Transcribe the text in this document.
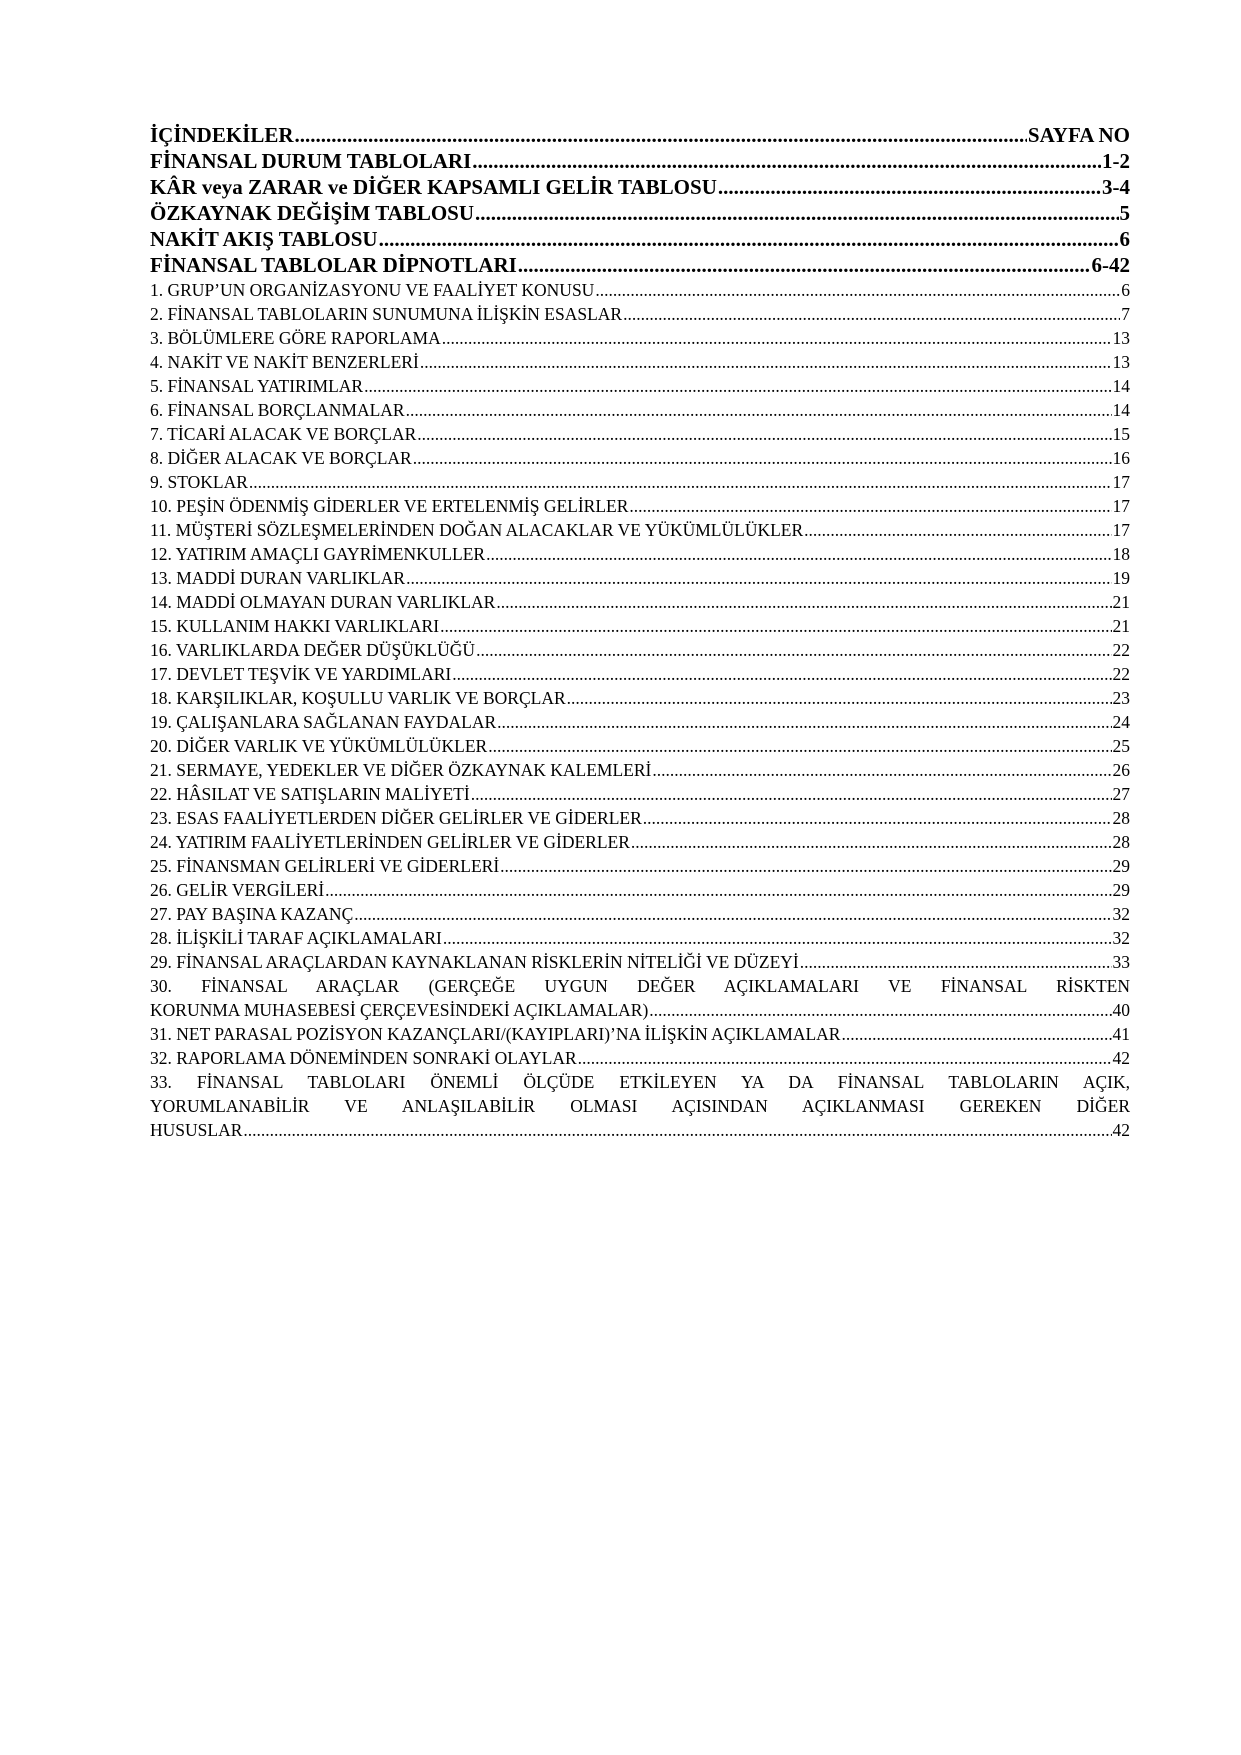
İÇİNDEKİLER .....	SAYFA NO
FİNANSAL DURUM TABLOLARI .....	1-2
KÂR veya ZARAR ve DİĞER KAPSAMLI GELİR TABLOSU .....	3-4
ÖZKAYNAK DEĞİŞİM TABLOSU .....	5
NAKİT AKIŞ TABLOSU .....	6
FİNANSAL TABLOLAR DİPNOTLARI .....	6-42
1. GRUP’UN ORGANİZASYONU VE FAALİYET KONUSU .....	6
2. FİNANSAL TABLOLARIN SUNUMUNA İLİŞKİN ESASLAR .....	7
3. BÖLÜMLERE GÖRE RAPORLAMA .....	13
4. NAKİT VE NAKİT BENZERLERİ .....	13
5. FİNANSAL YATIRIMLAR .....	14
6. FİNANSAL BORÇLANMALAR .....	14
7. TİCARİ ALACAK VE BORÇLAR .....	15
8. DİĞER ALACAK VE BORÇLAR .....	16
9. STOKLAR .....	17
10. PEŞİN ÖDENMİŞ GİDERLER VE ERTELENMİŞ GELİRLER .....	17
11. MÜŞTERİ SÖZLEŞMELERİNDEN DOĞAN ALACAKLAR VE YÜKÜMLÜLÜKLER .....	17
12. YATIRIM AMAÇLI GAYRİMENKULLER .....	18
13. MADDİ DURAN VARLIKLAR .....	19
14. MADDİ OLMAYAN DURAN VARLIKLAR .....	21
15. KULLANIM HAKKI VARLIKLARI .....	21
16. VARLIKLARDA DEĞER DÜŞÜKLÜĞÜ .....	22
17. DEVLET TEŞVİK VE YARDIMLARI .....	22
18. KARŞILIKLAR, KOŞULLU VARLIK VE BORÇLAR .....	23
19. ÇALIŞANLARA SAĞLANAN FAYDALAR .....	24
20. DİĞER VARLIK VE YÜKÜMLÜLÜKLER .....	25
21. SERMAYE, YEDEKLER VE DİĞER ÖZKAYNAK KALEMLERİ .....	26
22. HÂSILAT VE SATIŞLARIN MALİYETİ .....	27
23. ESAS FAALİYETLERDEN DİĞER GELİRLER VE GİDERLER .....	28
24. YATIRIM FAALİYETLERİNDEN GELİRLER VE GİDERLER .....	28
25. FİNANSMAN GELİRLERİ VE GİDERLERİ .....	29
26. GELİR VERGİLERİ .....	29
27. PAY BAŞINA KAZANÇ .....	32
28. İLİŞKİLİ TARAF AÇIKLAMALARI .....	32
29. FİNANSAL ARAÇLARDAN KAYNAKLANAN RİSKLERİN NİTELİĞİ VE DÜZEYİ .....	33
30. FİNANSAL ARAÇLAR (GERÇEĞE UYGUN DEĞER AÇIKLAMALARI VE FİNANSAL RİSKTEN
KORUNMA MUHASEBESİ ÇERÇEVESİNDEKİ AÇIKLAMALAR) .....	40
31. NET PARASAL POZİSYON KAZANÇLARI/(KAYIPLARI)’NA İLİŞKİN AÇIKLAMALAR .....	41
32. RAPORLAMA DÖNEMİNDEN SONRAKİ OLAYLAR .....	42
33. FİNANSAL TABLOLARI ÖNEMLİ ÖLÇÜDE ETKİLEYEN YA DA FİNANSAL TABLOLARIN AÇIK,
YORUMLANABİLİR VE ANLAŞILABİLİR OLMASI AÇISINDAN AÇIKLANMASI GEREKEN DİĞER
HUSUSLAR .....	42
